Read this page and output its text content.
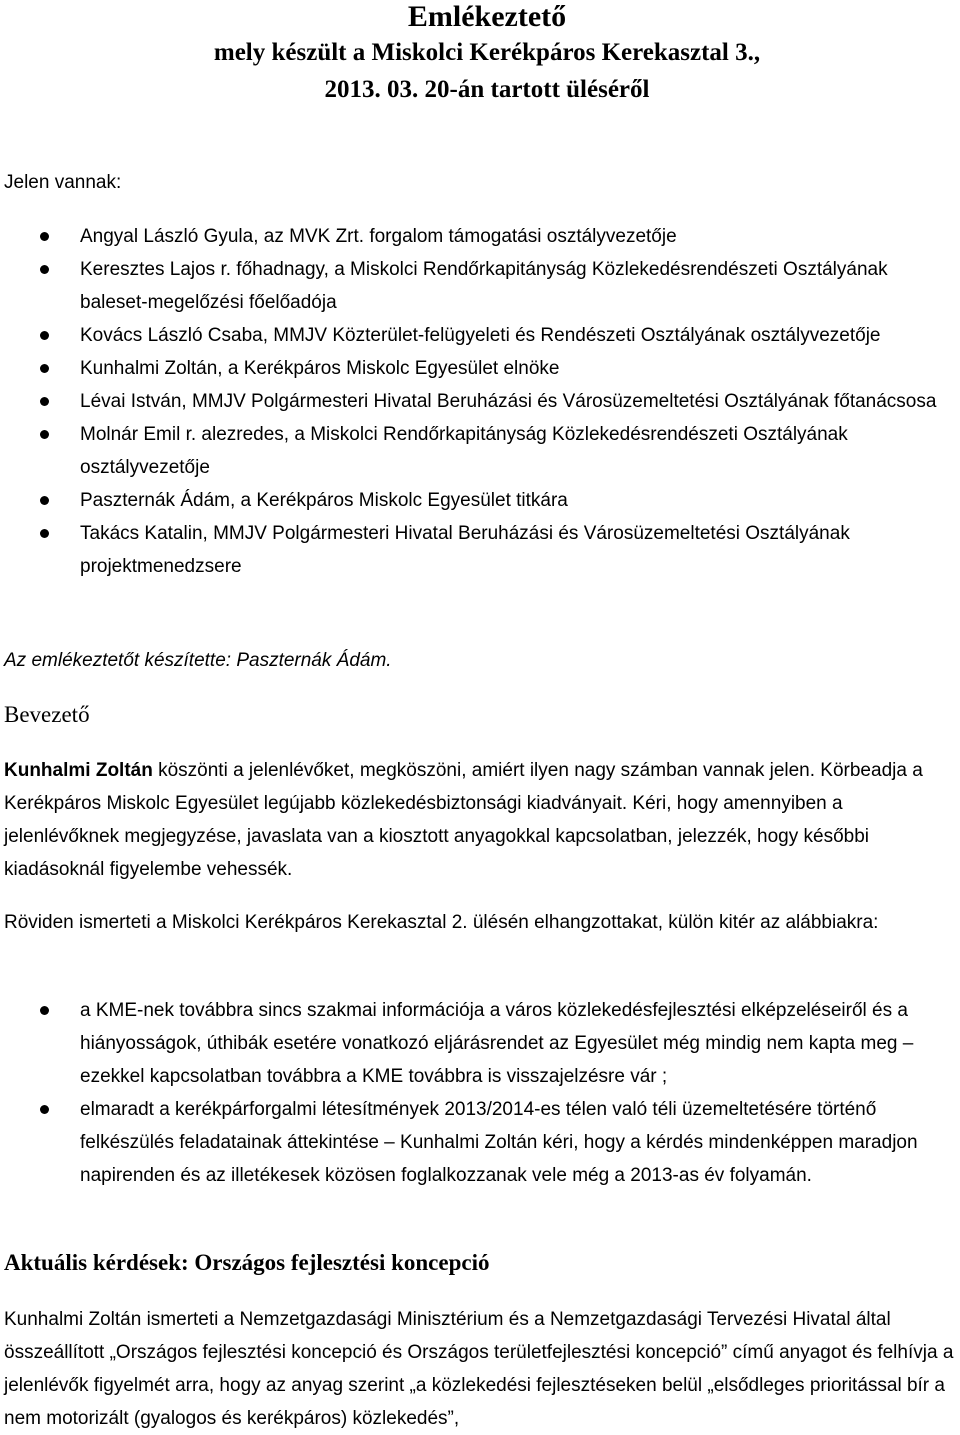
Emlékeztető

mely készült a Miskolci Kerékpáros Kerekasztal 3.,

2013. 03. 20-án tartott üléséről

Jelen vannak:
Angyal László Gyula, az MVK Zrt. forgalom támogatási osztályvezetője
Keresztes Lajos r. főhadnagy, a Miskolci Rendőrkapitányság Közlekedésrendészeti Osztályának baleset-megelőzési főelőadója
Kovács László Csaba, MMJV Közterület-felügyeleti és Rendészeti Osztályának osztályvezetője
Kunhalmi Zoltán, a Kerékpáros Miskolc Egyesület elnöke
Lévai István, MMJV Polgármesteri Hivatal Beruházási és Városüzemeltetési Osztályának főtanácsosa
Molnár Emil r. alezredes, a Miskolci Rendőrkapitányság Közlekedésrendészeti Osztályának osztályvezetője
Paszternák Ádám, a Kerékpáros Miskolc Egyesület titkára
Takács Katalin, MMJV Polgármesteri Hivatal Beruházási és Városüzemeltetési Osztályának projektmenedzsere

Az emlékeztetőt készítette: Paszternák Ádám.

Bevezető

Kunhalmi Zoltán köszönti a jelenlévőket, megköszöni, amiért ilyen nagy számban vannak jelen. Körbeadja a Kerékpáros Miskolc Egyesület legújabb közlekedésbiztonsági kiadványait. Kéri, hogy amennyiben a jelenlévőknek megjegyzése, javaslata van a kiosztott anyagokkal kapcsolatban, jelezzék, hogy későbbi kiadásoknál figyelembe vehessék.

Röviden ismerteti a Miskolci Kerékpáros Kerekasztal 2. ülésén elhangzottakat, külön kitér az alábbiakra:

a KME-nek továbbra sincs szakmai információja a város közlekedésfejlesztési elképzeléseiről és a hiányosságok, úthibák esetére vonatkozó eljárásrendet az Egyesület még mindig nem kapta meg – ezekkel kapcsolatban továbbra a KME továbbra is visszajelzésre vár ;
elmaradt a kerékpárforgalmi létesítmények 2013/2014-es télen való téli üzemeltetésére történő felkészülés feladatainak áttekintése – Kunhalmi Zoltán kéri, hogy a kérdés mindenképpen maradjon napirenden és az illetékesek közösen foglalkozzanak vele még a 2013-as év folyamán.

Aktuális kérdések: Országos fejlesztési koncepció

Kunhalmi Zoltán ismerteti a Nemzetgazdasági Minisztérium és a Nemzetgazdasági Tervezési Hivatal által összeállított „Országos fejlesztési koncepció és Országos területfejlesztési koncepció” című anyagot és felhívja a jelenlévők figyelmét arra, hogy az anyag szerint „a közlekedési fejlesztéseken belül „elsődleges prioritással bír a nem motorizált (gyalogos és kerékpáros) közlekedés”,
